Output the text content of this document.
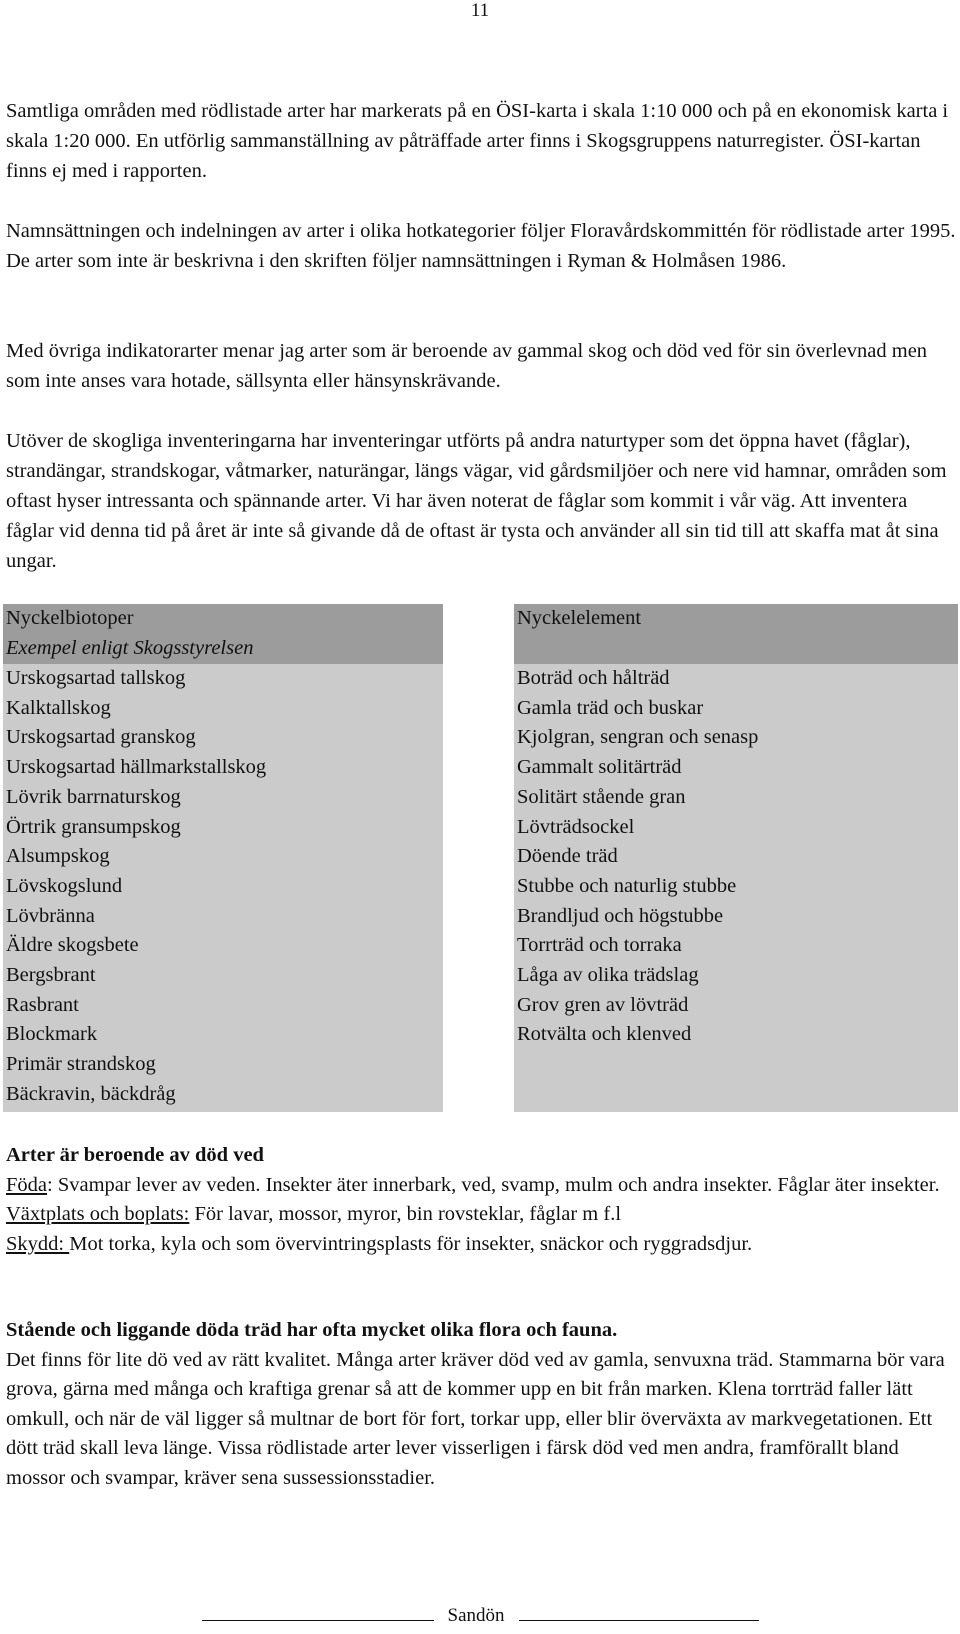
11

Samtliga områden med rödlistade arter har markerats på en ÖSI-karta i skala 1:10 000 och på en ekonomisk karta i skala 1:20 000. En utförlig sammanställning av påträffade arter finns i Skogsgruppens naturregister. ÖSI-kartan finns ej med i rapporten.

Namnsättningen och indelningen av arter i olika hotkategorier följer Floravårdskommittén för rödlistade arter 1995. De arter som inte är beskrivna i den skriften följer namnsättningen i Ryman & Holmåsen 1986.

Med övriga indikatorarter menar jag arter som är beroende av gammal skog och död ved för sin överlevnad men som inte anses vara hotade, sällsynta eller hänsynskrävande.

Utöver de skogliga inventeringarna har inventeringar utförts på andra naturtyper som det öppna havet (fåglar), strandängar, strandskogar, våtmarker, naturängar, längs vägar, vid gårdsmiljöer och nere vid hamnar, områden som oftast hyser intressanta och spännande arter. Vi har även noterat de fåglar som kommit i vår väg. Att inventera fåglar vid denna tid på året är inte så givande då de oftast är tysta och använder all sin tid till att skaffa mat åt sina ungar.

Nyckelbiotoper
Exempel enligt Skogsstyrelsen
Urskogsartad tallskog
Kalktallskog
Urskogsartad granskog
Urskogsartad hällmarkstallskog
Lövrik barrnaturskog
Örtrik gransumpskog
Alsumpskog
Lövskogslund
Lövbränna
Äldre skogsbete
Bergsbrant
Rasbrant
Blockmark
Primär strandskog
Bäckravin, bäckdråg
Nyckelelement
Boträd och hålträd
Gamla träd och buskar
Kjolgran, sengran och senasp
Gammalt solitärträd
Solitärt stående gran
Lövträdsockel
Döende träd
Stubbe och naturlig stubbe
Brandljud och högstubbe
Torrträd och torraka
Låga av olika trädslag
Grov gren av lövträd
Rotvälta och klenved
Arter är beroende av död ved
Föda: Svampar lever av veden. Insekter äter innerbark, ved, svamp, mulm och andra insekter. Fåglar äter insekter.
Växtplats och boplats: För lavar, mossor, myror, bin rovsteklar, fåglar m f.l
Skydd: Mot torka, kyla och som övervintringsplasts för insekter, snäckor och ryggradsdjur.
Stående och liggande döda träd har ofta mycket olika flora och fauna.
Det finns för lite dö ved av rätt kvalitet. Många arter kräver död ved av gamla, senvuxna träd. Stammarna bör vara grova, gärna med många och kraftiga grenar så att de kommer upp en bit från marken. Klena torrträd faller lätt omkull, och när de väl ligger så multnar de bort för fort, torkar upp, eller blir överväxta av markvegetationen. Ett dött träd skall leva länge. Vissa rödlistade arter lever visserligen i färsk död ved men andra, framförallt bland mossor och svampar, kräver sena sussessionsstadier.
Sandön
